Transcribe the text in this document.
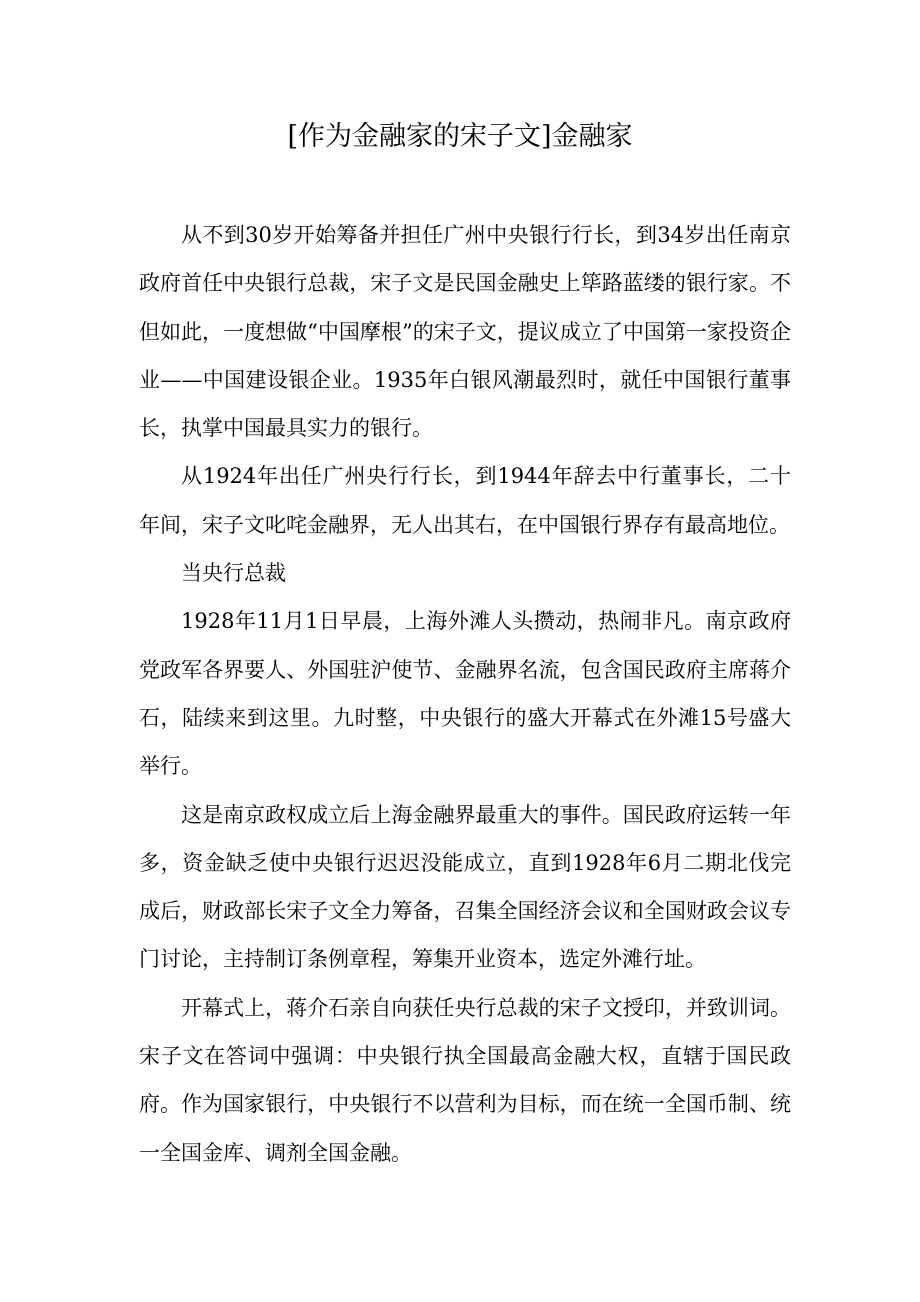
[作为金融家的宋子文]金融家

从不到30岁开始筹备并担任广州中央银行行长，到34岁出任南京政府首任中央银行总裁，宋子文是民国金融史上筚路蓝缕的银行家。不但如此，一度想做“中国摩根”的宋子文，提议成立了中国第一家投资企业——中国建设银企业。1935年白银风潮最烈时，就任中国银行董事长，执掌中国最具实力的银行。

从1924年出任广州央行行长，到1944年辞去中行董事长，二十年间，宋子文叱咤金融界，无人出其右，在中国银行界存有最高地位。

当央行总裁

1928年11月1日早晨，上海外滩人头攒动，热闹非凡。南京政府党政军各界要人、外国驻沪使节、金融界名流，包含国民政府主席蒋介石，陆续来到这里。九时整，中央银行的盛大开幕式在外滩15号盛大举行。

这是南京政权成立后上海金融界最重大的事件。国民政府运转一年多，资金缺乏使中央银行迟迟没能成立，直到1928年6月二期北伐完成后，财政部长宋子文全力筹备，召集全国经济会议和全国财政会议专门讨论，主持制订条例章程，筹集开业资本，选定外滩行址。

开幕式上，蒋介石亲自向获任央行总裁的宋子文授印，并致训词。宋子文在答词中强调：中央银行执全国最高金融大权，直辖于国民政府。作为国家银行，中央银行不以营利为目标，而在统一全国币制、统一全国金库、调剂全国金融。
